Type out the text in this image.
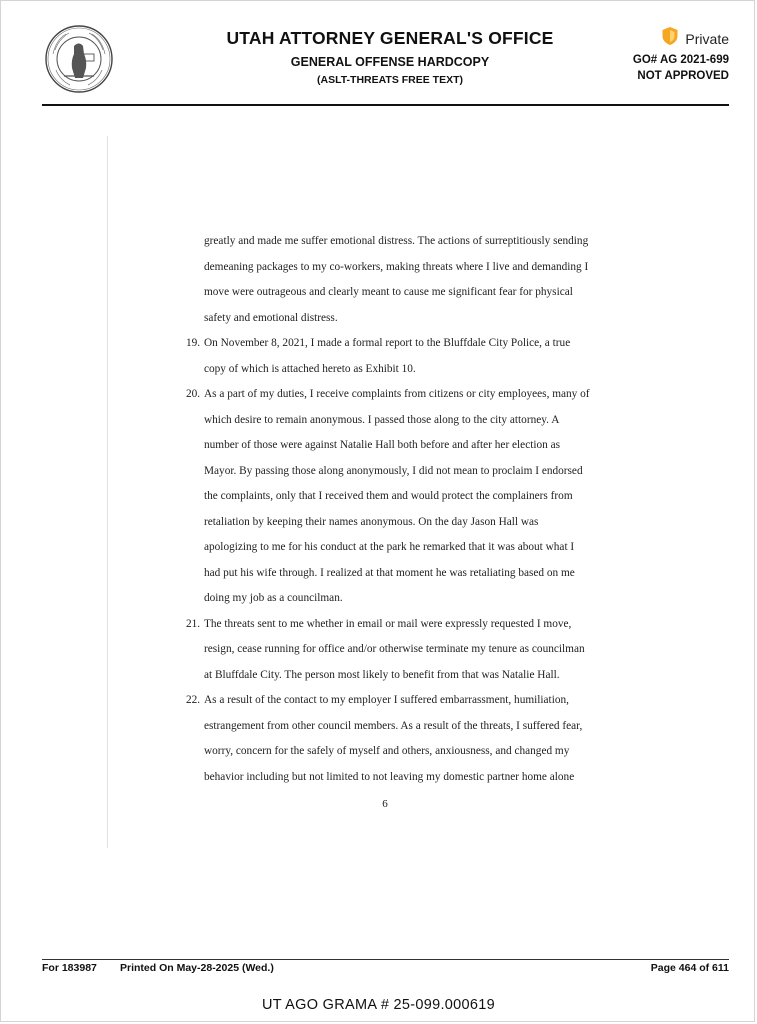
UTAH ATTORNEY GENERAL'S OFFICE
GENERAL OFFENSE HARDCOPY
(ASLT-THREATS FREE TEXT)
Private
GO# AG 2021-699
NOT APPROVED

greatly and made me suffer emotional distress. The actions of surreptitiously sending demeaning packages to my co-workers, making threats where I live and demanding I move were outrageous and clearly meant to cause me significant fear for physical safety and emotional distress.

19. On November 8, 2021, I made a formal report to the Bluffdale City Police, a true copy of which is attached hereto as Exhibit 10.
20. As a part of my duties, I receive complaints from citizens or city employees, many of which desire to remain anonymous. I passed those along to the city attorney. A number of those were against Natalie Hall both before and after her election as Mayor. By passing those along anonymously, I did not mean to proclaim I endorsed the complaints, only that I received them and would protect the complainers from retaliation by keeping their names anonymous. On the day Jason Hall was apologizing to me for his conduct at the park he remarked that it was about what I had put his wife through. I realized at that moment he was retaliating based on me doing my job as a councilman.
21. The threats sent to me whether in email or mail were expressly requested I move, resign, cease running for office and/or otherwise terminate my tenure as councilman at Bluffdale City. The person most likely to benefit from that was Natalie Hall.
22. As a result of the contact to my employer I suffered embarrassment, humiliation, estrangement from other council members. As a result of the threats, I suffered fear, worry, concern for the safely of myself and others, anxiousness, and changed my behavior including but not limited to not leaving my domestic partner home alone
6
For 183987	Printed On May-28-2025 (Wed.)	Page 464 of 611
UT AGO GRAMA # 25-099.000619
